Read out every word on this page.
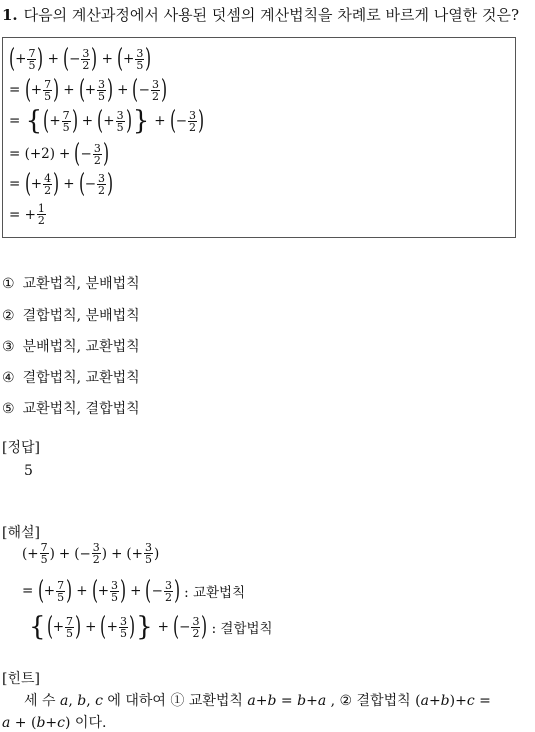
1. 다음의 계산과정에서 사용된 덧셈의 계산법칙을 차례로 바르게 나열한 것은?
( + $\frac{7}{5}$ ) + ( − $\frac{3}{2}$ ) + ( + $\frac{3}{5}$ )
= ( + $\frac{7}{5}$ ) + ( + $\frac{3}{5}$ ) + ( − $\frac{3}{2}$ )
= { ( + $\frac{7}{5}$ ) + ( + $\frac{3}{5}$ ) } + ( − $\frac{3}{2}$ )
= (+2) + ( − $\frac{3}{2}$ )
= ( + $\frac{4}{2}$ ) + ( − $\frac{3}{2}$ )
= + $\frac{1}{2}$
① 교환법칙, 분배법칙
② 결합법칙, 분배법칙
③ 분배법칙, 교환법칙
④ 결합법칙, 교환법칙
⑤ 교환법칙, 결합법칙
[정답]
5
[해설]
(+ $\frac{7}{5}$ ) + (− $\frac{3}{2}$ ) + (+ $\frac{3}{5}$ )
= ( + $\frac{7}{5}$ ) + ( + $\frac{3}{5}$ ) + ( − $\frac{3}{2}$ ) : 교환법칙
{ ( + $\frac{7}{5}$ ) + ( + $\frac{3}{5}$ ) } + ( − $\frac{3}{2}$ ) : 결합법칙
[힌트]
세 수 a, b, c 에 대하여 ① 교환법칙 a+b = b+a , ② 결합법칙 (a+b)+c =
a + (b+c) 이다.
